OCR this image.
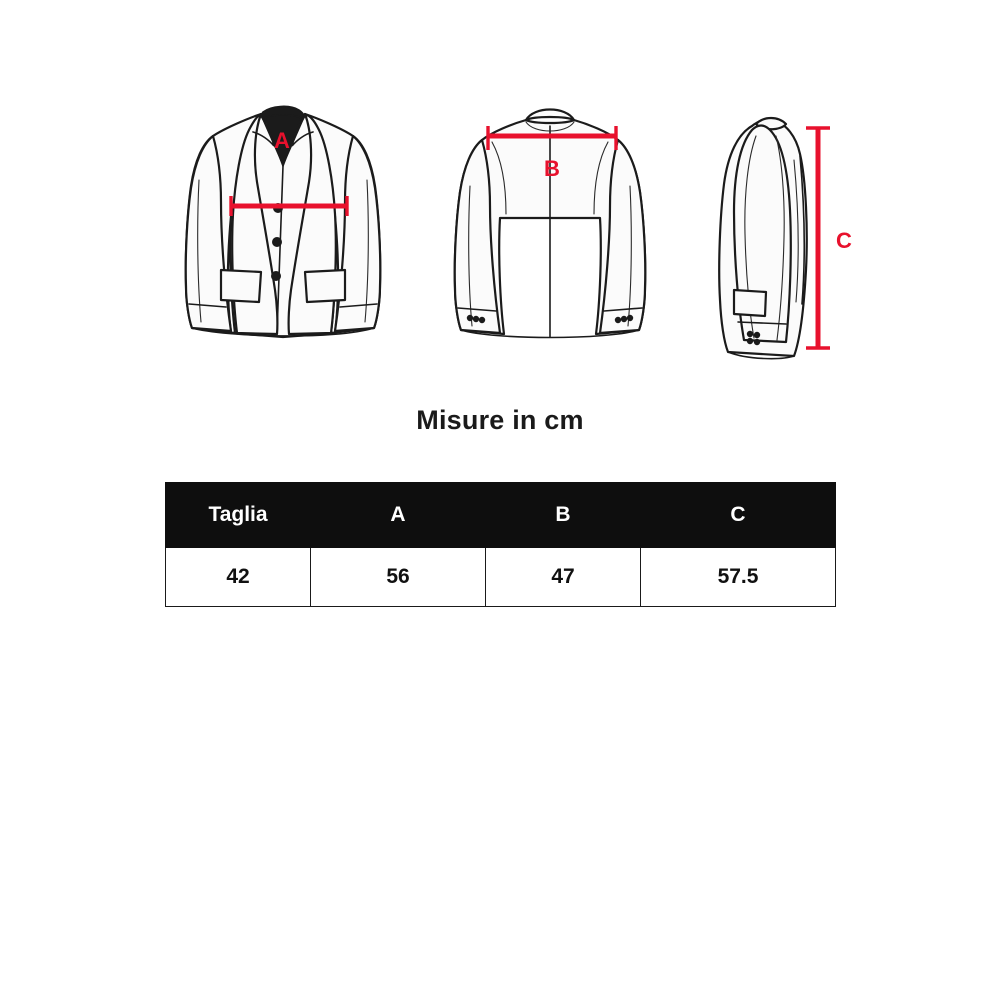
A
B
C
Misure in cm
Taglia	A	B	C
42	56	47	57.5
